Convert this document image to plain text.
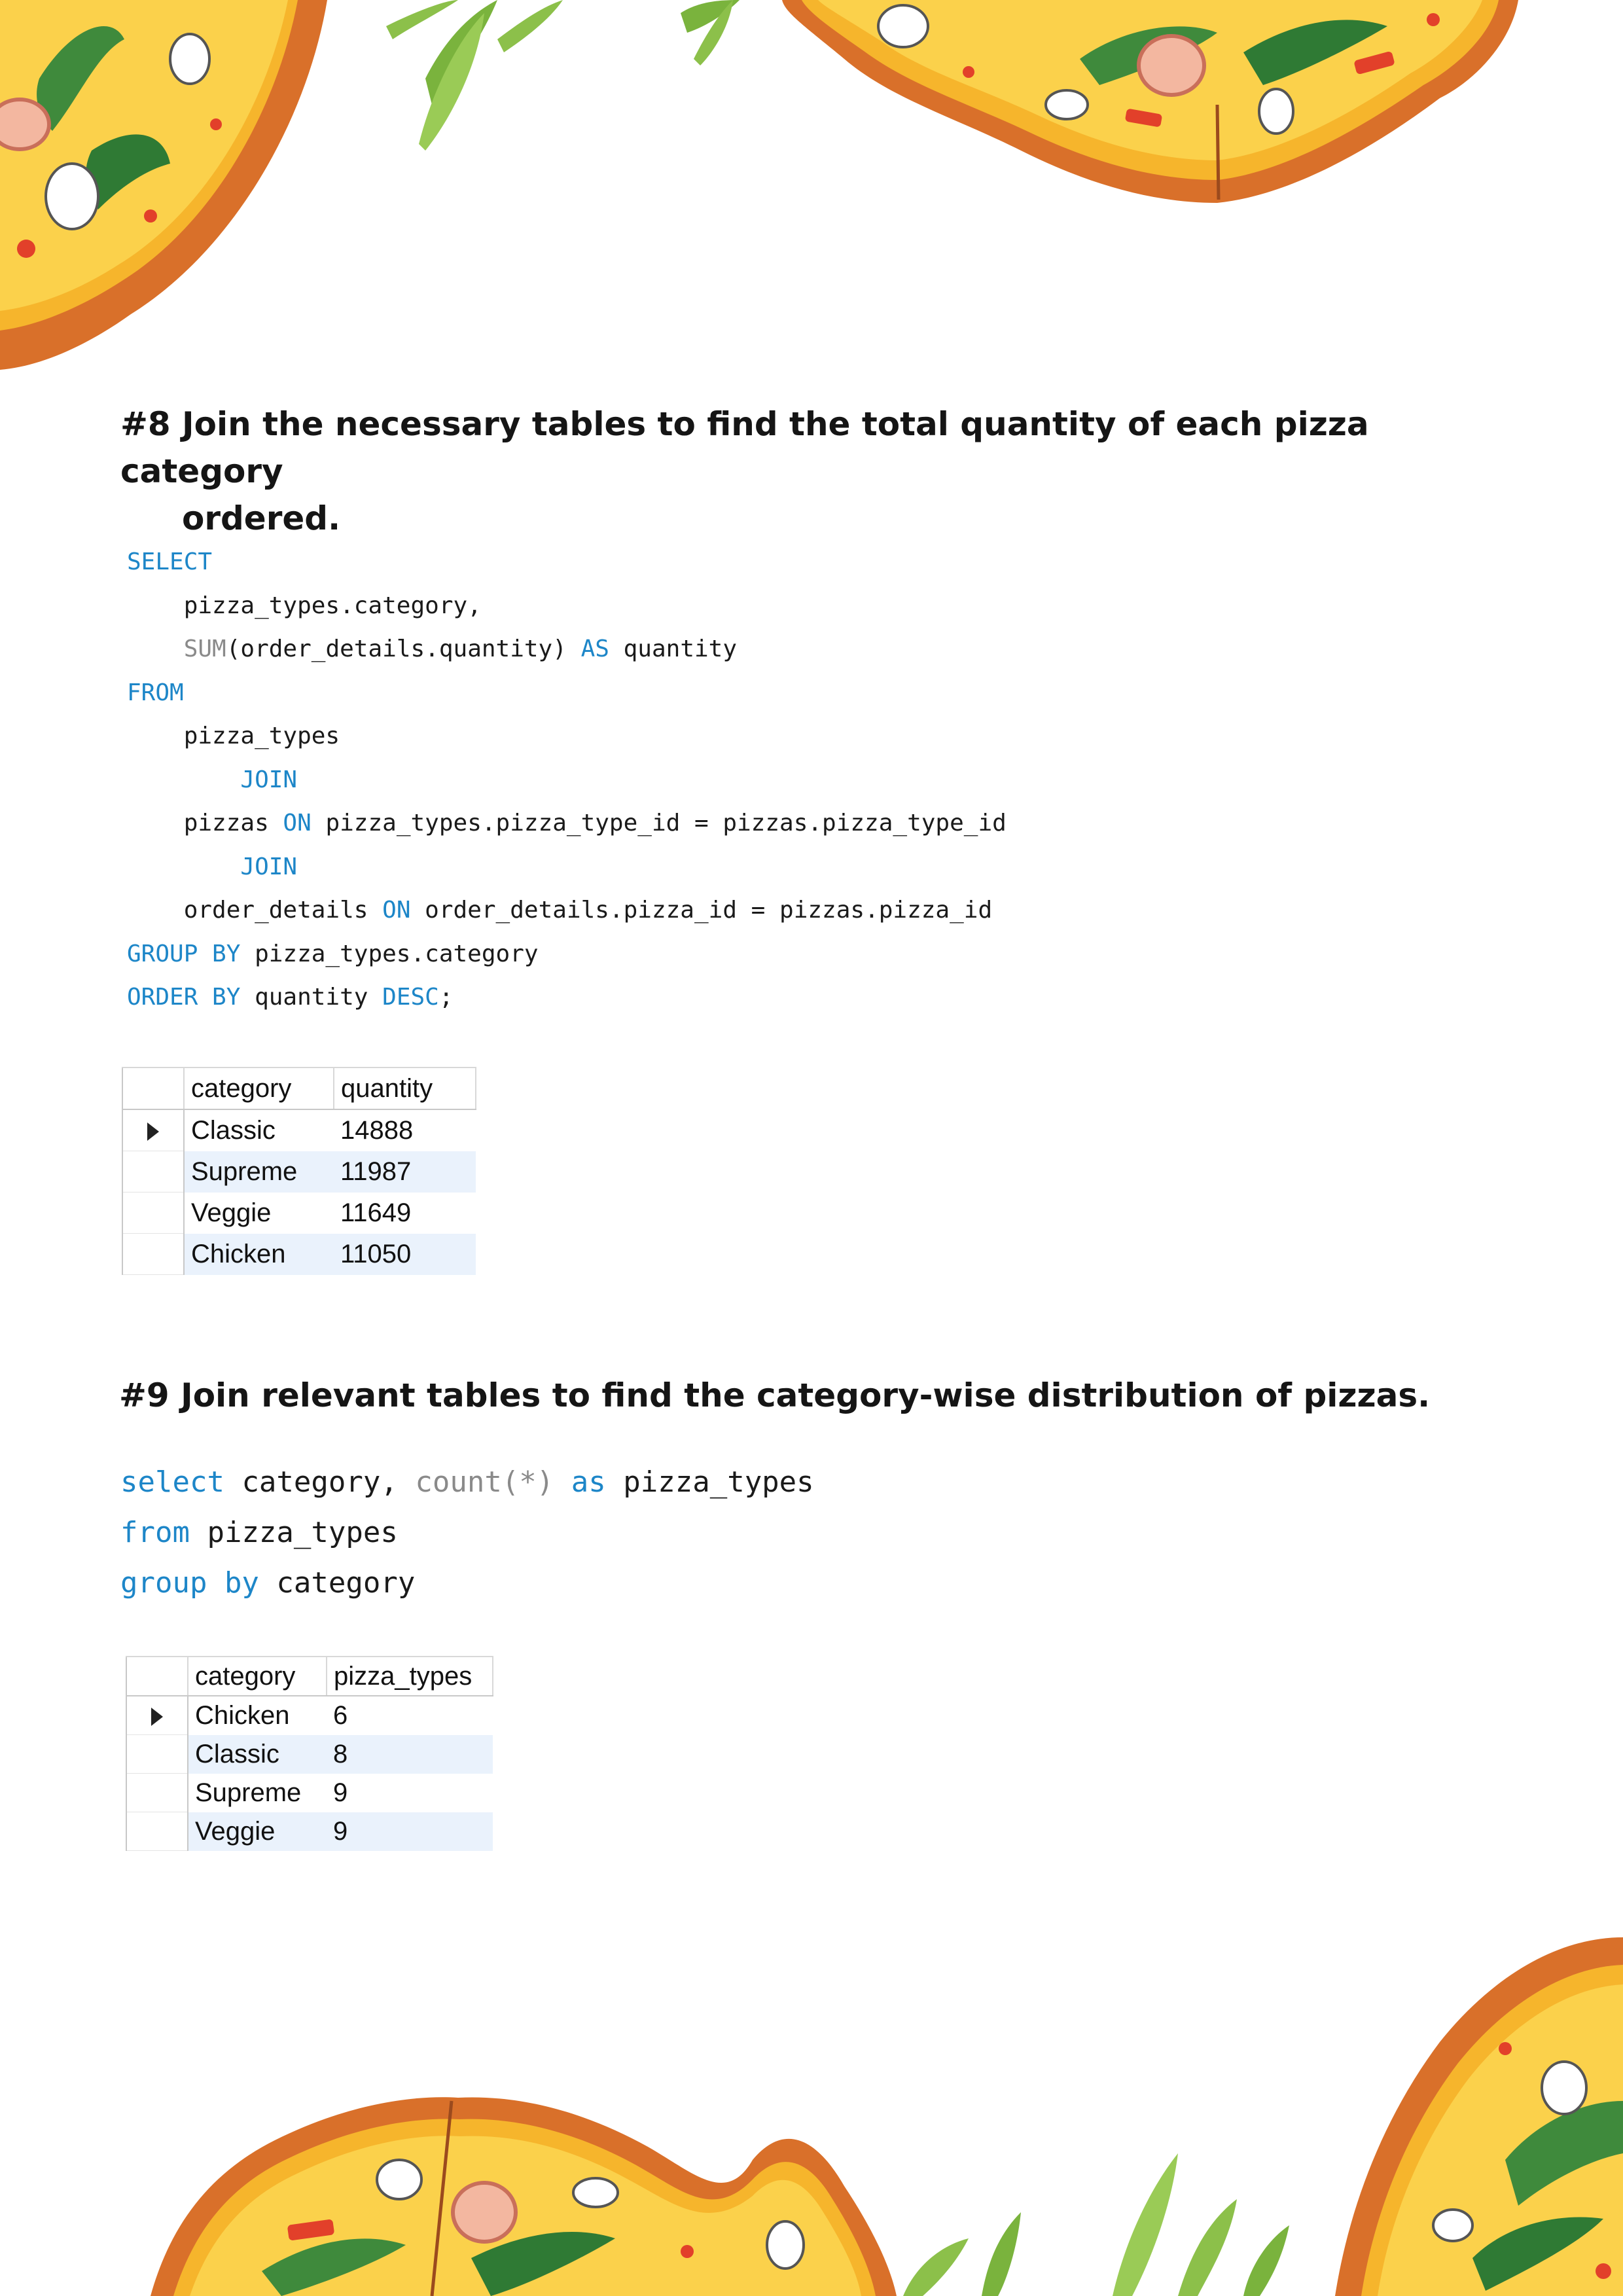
#8 Join the necessary tables to find the total quantity of each pizza category
ordered.
SELECT
pizza_types.category,
SUM(order_details.quantity) AS quantity
FROM
pizza_types
JOIN
pizzas ON pizza_types.pizza_type_id = pizzas.pizza_type_id
JOIN
order_details ON order_details.pizza_id = pizzas.pizza_id
GROUP BY pizza_types.category
ORDER BY quantity DESC;
	category	quantity
	Classic	14888
	Supreme	11987
	Veggie	11649
	Chicken	11050
#9 Join relevant tables to find the category-wise distribution of pizzas.
select category, count(*) as pizza_types
from pizza_types
group by category
	category	pizza_types
	Chicken	6
	Classic	8
	Supreme	9
	Veggie	9
